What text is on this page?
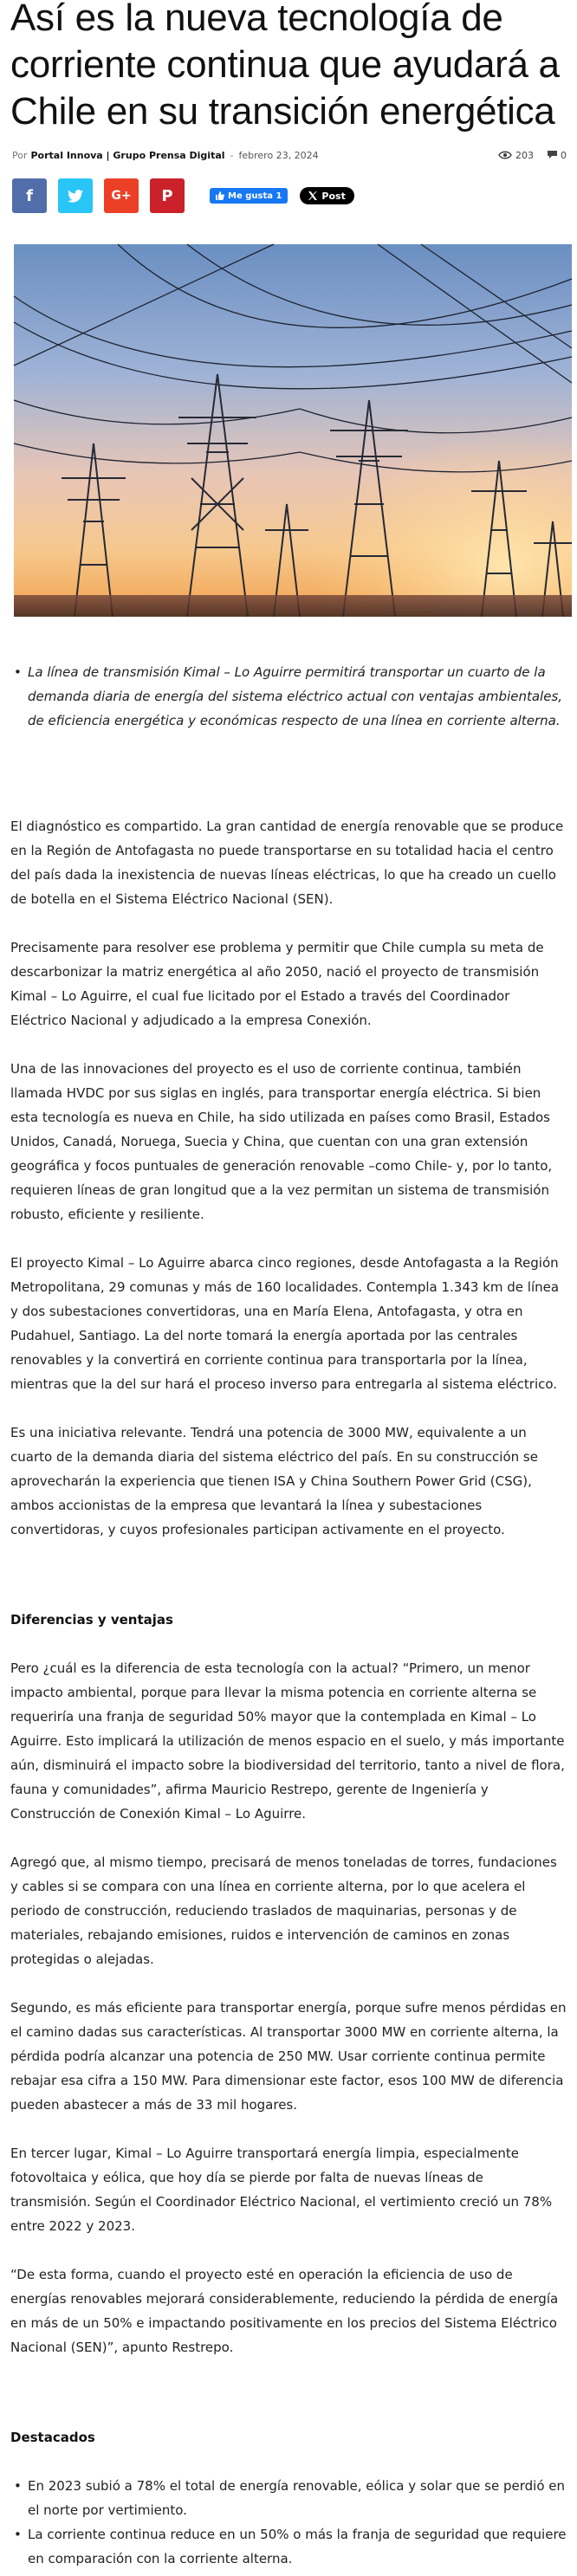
Así es la nueva tecnología de corriente continua que ayudará a Chile en su transición energética
Por Portal Innova | Grupo Prensa Digital - febrero 23, 2024	203	0
f	G+ P	Me gusta 1	Post
• La línea de transmisión Kimal – Lo Aguirre permitirá transportar un cuarto de la demanda diaria de energía del sistema eléctrico actual con ventajas ambientales, de eficiencia energética y económicas respecto de una línea en corriente alterna.

El diagnóstico es compartido. La gran cantidad de energía renovable que se produce en la Región de Antofagasta no puede transportarse en su totalidad hacia el centro del país dada la inexistencia de nuevas líneas eléctricas, lo que ha creado un cuello de botella en el Sistema Eléctrico Nacional (SEN).

Precisamente para resolver ese problema y permitir que Chile cumpla su meta de descarbonizar la matriz energética al año 2050, nació el proyecto de transmisión Kimal – Lo Aguirre, el cual fue licitado por el Estado a través del Coordinador Eléctrico Nacional y adjudicado a la empresa Conexión.

Una de las innovaciones del proyecto es el uso de corriente continua, también llamada HVDC por sus siglas en inglés, para transportar energía eléctrica. Si bien esta tecnología es nueva en Chile, ha sido utilizada en países como Brasil, Estados Unidos, Canadá, Noruega, Suecia y China, que cuentan con una gran extensión geográfica y focos puntuales de generación renovable –como Chile- y, por lo tanto, requieren líneas de gran longitud que a la vez permitan un sistema de transmisión robusto, eficiente y resiliente.

El proyecto Kimal – Lo Aguirre abarca cinco regiones, desde Antofagasta a la Región Metropolitana, 29 comunas y más de 160 localidades. Contempla 1.343 km de línea y dos subestaciones convertidoras, una en María Elena, Antofagasta, y otra en Pudahuel, Santiago. La del norte tomará la energía aportada por las centrales renovables y la convertirá en corriente continua para transportarla por la línea, mientras que la del sur hará el proceso inverso para entregarla al sistema eléctrico.

Es una iniciativa relevante. Tendrá una potencia de 3000 MW, equivalente a un cuarto de la demanda diaria del sistema eléctrico del país. En su construcción se aprovecharán la experiencia que tienen ISA y China Southern Power Grid (CSG), ambos accionistas de la empresa que levantará la línea y subestaciones convertidoras, y cuyos profesionales participan activamente en el proyecto.

Diferencias y ventajas

Pero ¿cuál es la diferencia de esta tecnología con la actual? “Primero, un menor impacto ambiental, porque para llevar la misma potencia en corriente alterna se requeriría una franja de seguridad 50% mayor que la contemplada en Kimal – Lo Aguirre. Esto implicará la utilización de menos espacio en el suelo, y más importante aún, disminuirá el impacto sobre la biodiversidad del territorio, tanto a nivel de flora, fauna y comunidades”, afirma Mauricio Restrepo, gerente de Ingeniería y Construcción de Conexión Kimal – Lo Aguirre.

Agregó que, al mismo tiempo, precisará de menos toneladas de torres, fundaciones y cables si se compara con una línea en corriente alterna, por lo que acelera el periodo de construcción, reduciendo traslados de maquinarias, personas y de materiales, rebajando emisiones, ruidos e intervención de caminos en zonas protegidas o alejadas.

Segundo, es más eficiente para transportar energía, porque sufre menos pérdidas en el camino dadas sus características. Al transportar 3000 MW en corriente alterna, la pérdida podría alcanzar una potencia de 250 MW. Usar corriente continua permite rebajar esa cifra a 150 MW. Para dimensionar este factor, esos 100 MW de diferencia pueden abastecer a más de 33 mil hogares.

En tercer lugar, Kimal – Lo Aguirre transportará energía limpia, especialmente fotovoltaica y eólica, que hoy día se pierde por falta de nuevas líneas de transmisión. Según el Coordinador Eléctrico Nacional, el vertimiento creció un 78% entre 2022 y 2023.

“De esta forma, cuando el proyecto esté en operación la eficiencia de uso de energías renovables mejorará considerablemente, reduciendo la pérdida de energía en más de un 50% e impactando positivamente en los precios del Sistema Eléctrico Nacional (SEN)”, apunto Restrepo.

Destacados
• En 2023 subió a 78% el total de energía renovable, eólica y solar que se perdió en el norte por vertimiento.
• La corriente continua reduce en un 50% o más la franja de seguridad que requiere en comparación con la corriente alterna.
